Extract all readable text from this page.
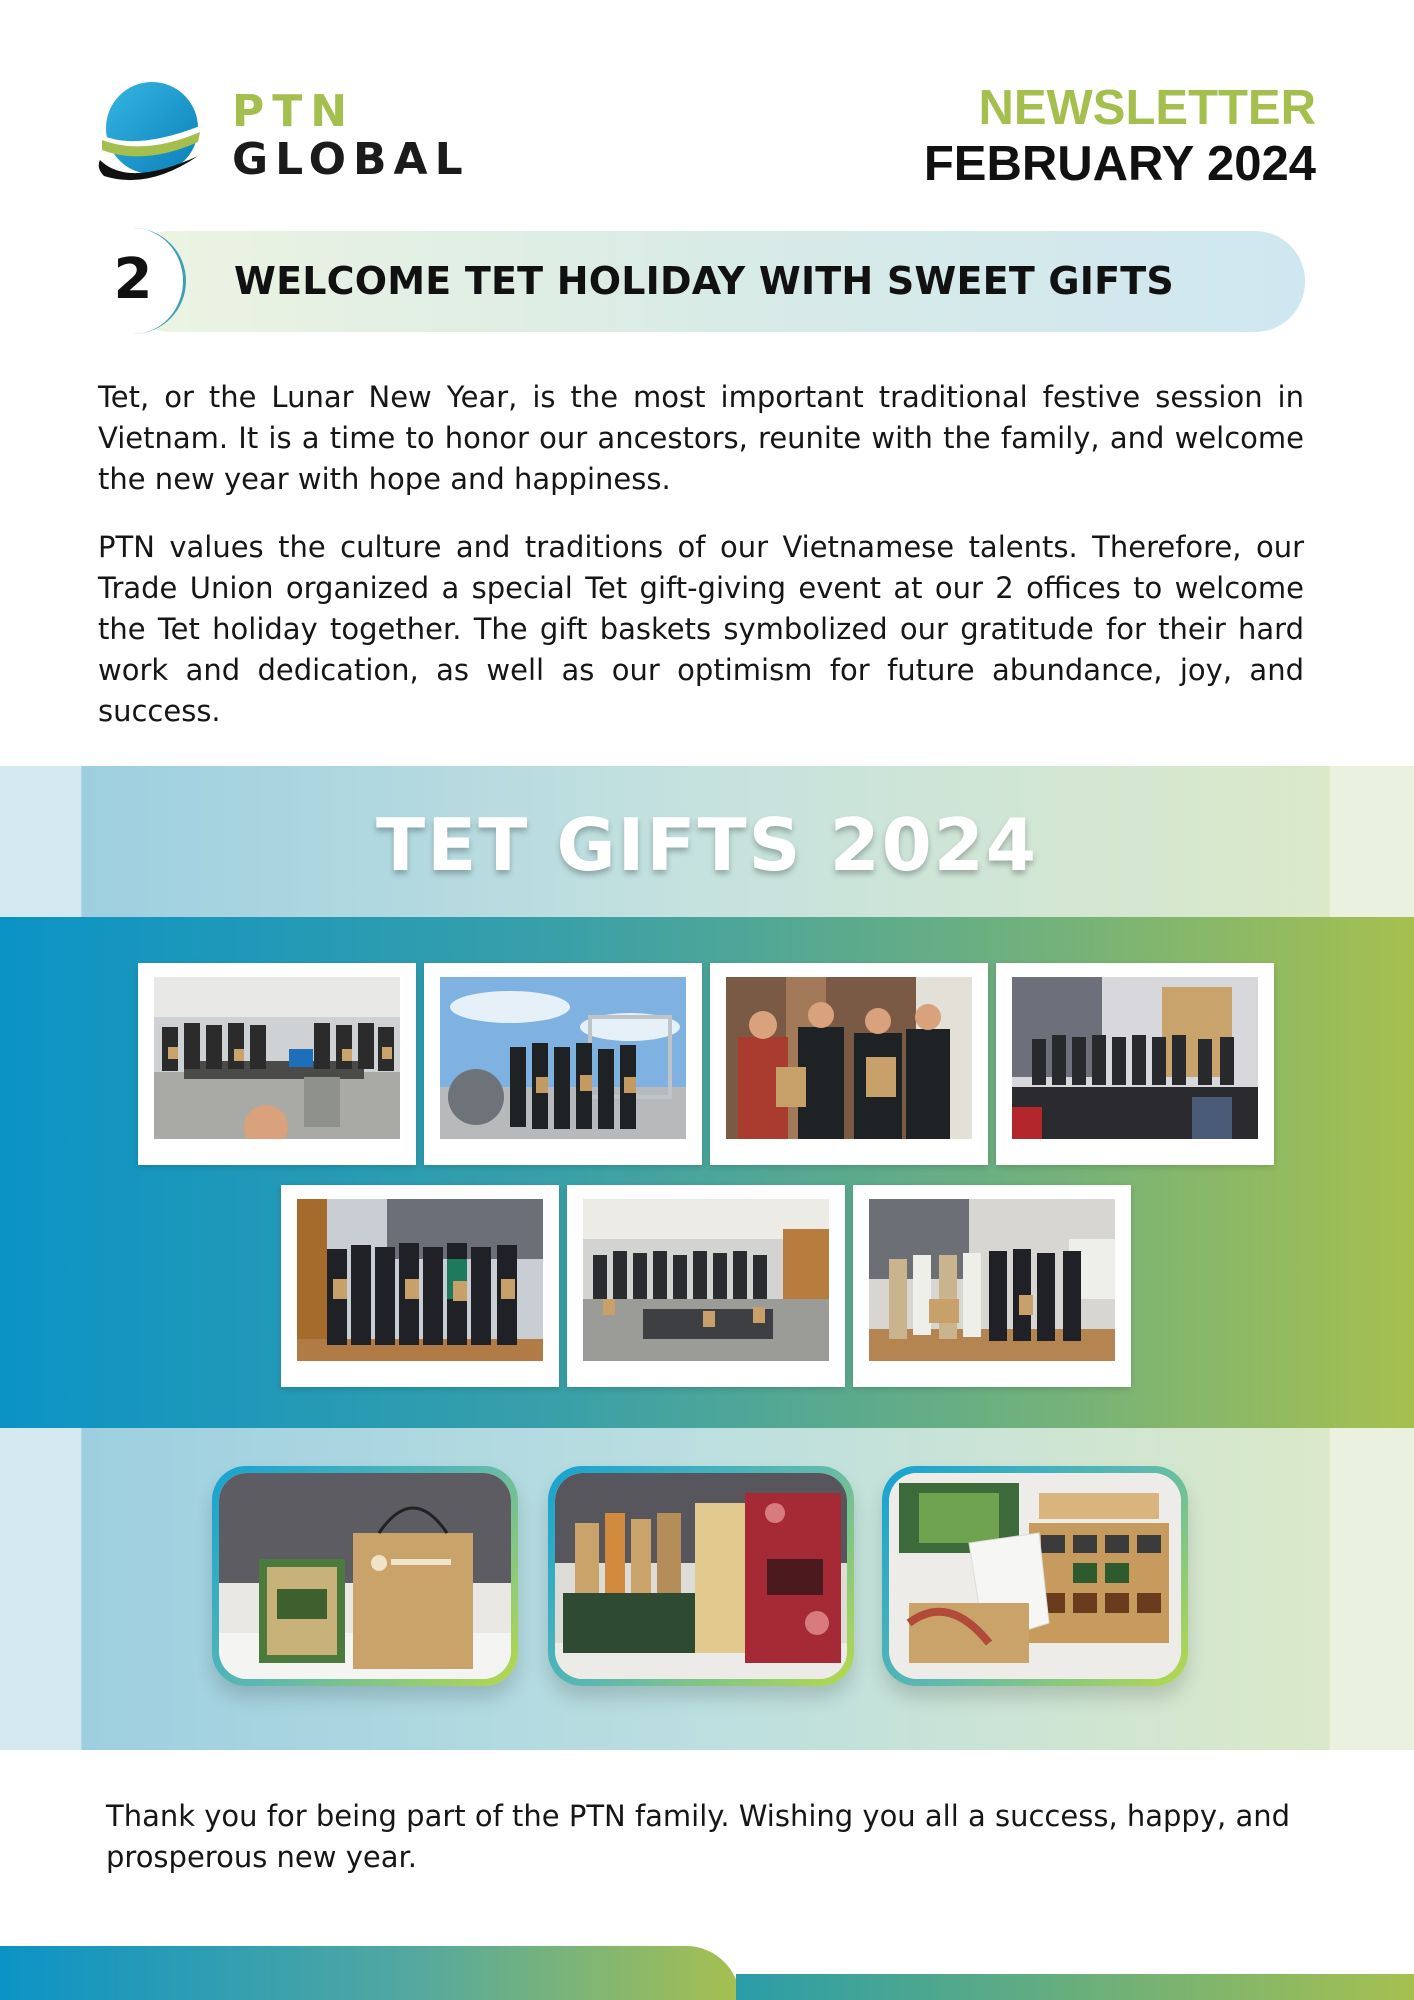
PTN
GLOBAL
NEWSLETTER
FEBRUARY 2024
2 WELCOME TET HOLIDAY WITH SWEET GIFTS

Tet, or the Lunar New Year, is the most important traditional festive session in Vietnam. It is a time to honor our ancestors, reunite with the family, and welcome the new year with hope and happiness.

PTN values the culture and traditions of our Vietnamese talents. Therefore, our Trade Union organized a special Tet gift-giving event at our 2 offices to welcome the Tet holiday together. The gift baskets symbolized our gratitude for their hard work and dedication, as well as our optimism for future abundance, joy, and success.

TET GIFTS 2024

Thank you for being part of the PTN family. Wishing you all a success, happy, and prosperous new year.
